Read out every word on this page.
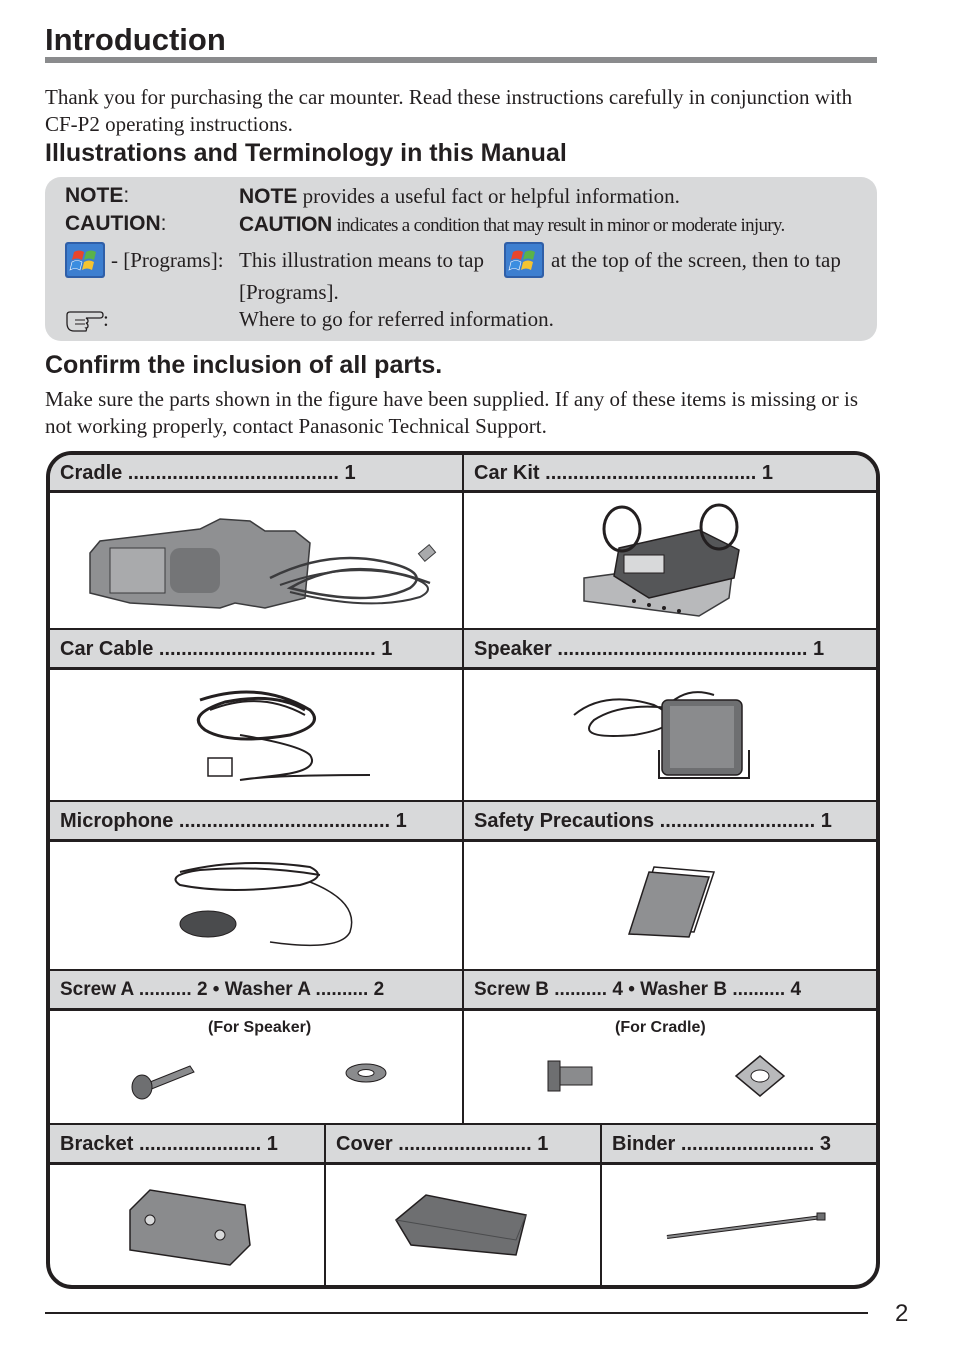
Introduction

Thank you for purchasing the car mounter. Read these instructions carefully in conjunction with CF-P2 operating instructions.

Illustrations and Terminology in this Manual
NOTE:	NOTE provides a useful fact or helpful information.
CAUTION:	CAUTION indicates a condition that may result in minor or moderate injury.
- [Programs]: This illustration means to tap	at the top of the screen, then to tap
[Programs].
:	Where to go for referred information.
Confirm the inclusion of all parts.

Make sure the parts shown in the figure have been supplied. If any of these items is missing or is not working properly, contact Panasonic Technical Support.

Cradle ...................................... 1	Car Kit ...................................... 1
Car Cable ....................................... 1	Speaker ............................................. 1
Microphone ...................................... 1	Safety Precautions ............................ 1
Screw A .......... 2 • Washer A .......... 2	Screw B .......... 4 • Washer B .......... 4
(For Speaker)	(For Cradle)
Bracket ...................... 1	Cover ........................ 1	Binder ........................ 3
2
